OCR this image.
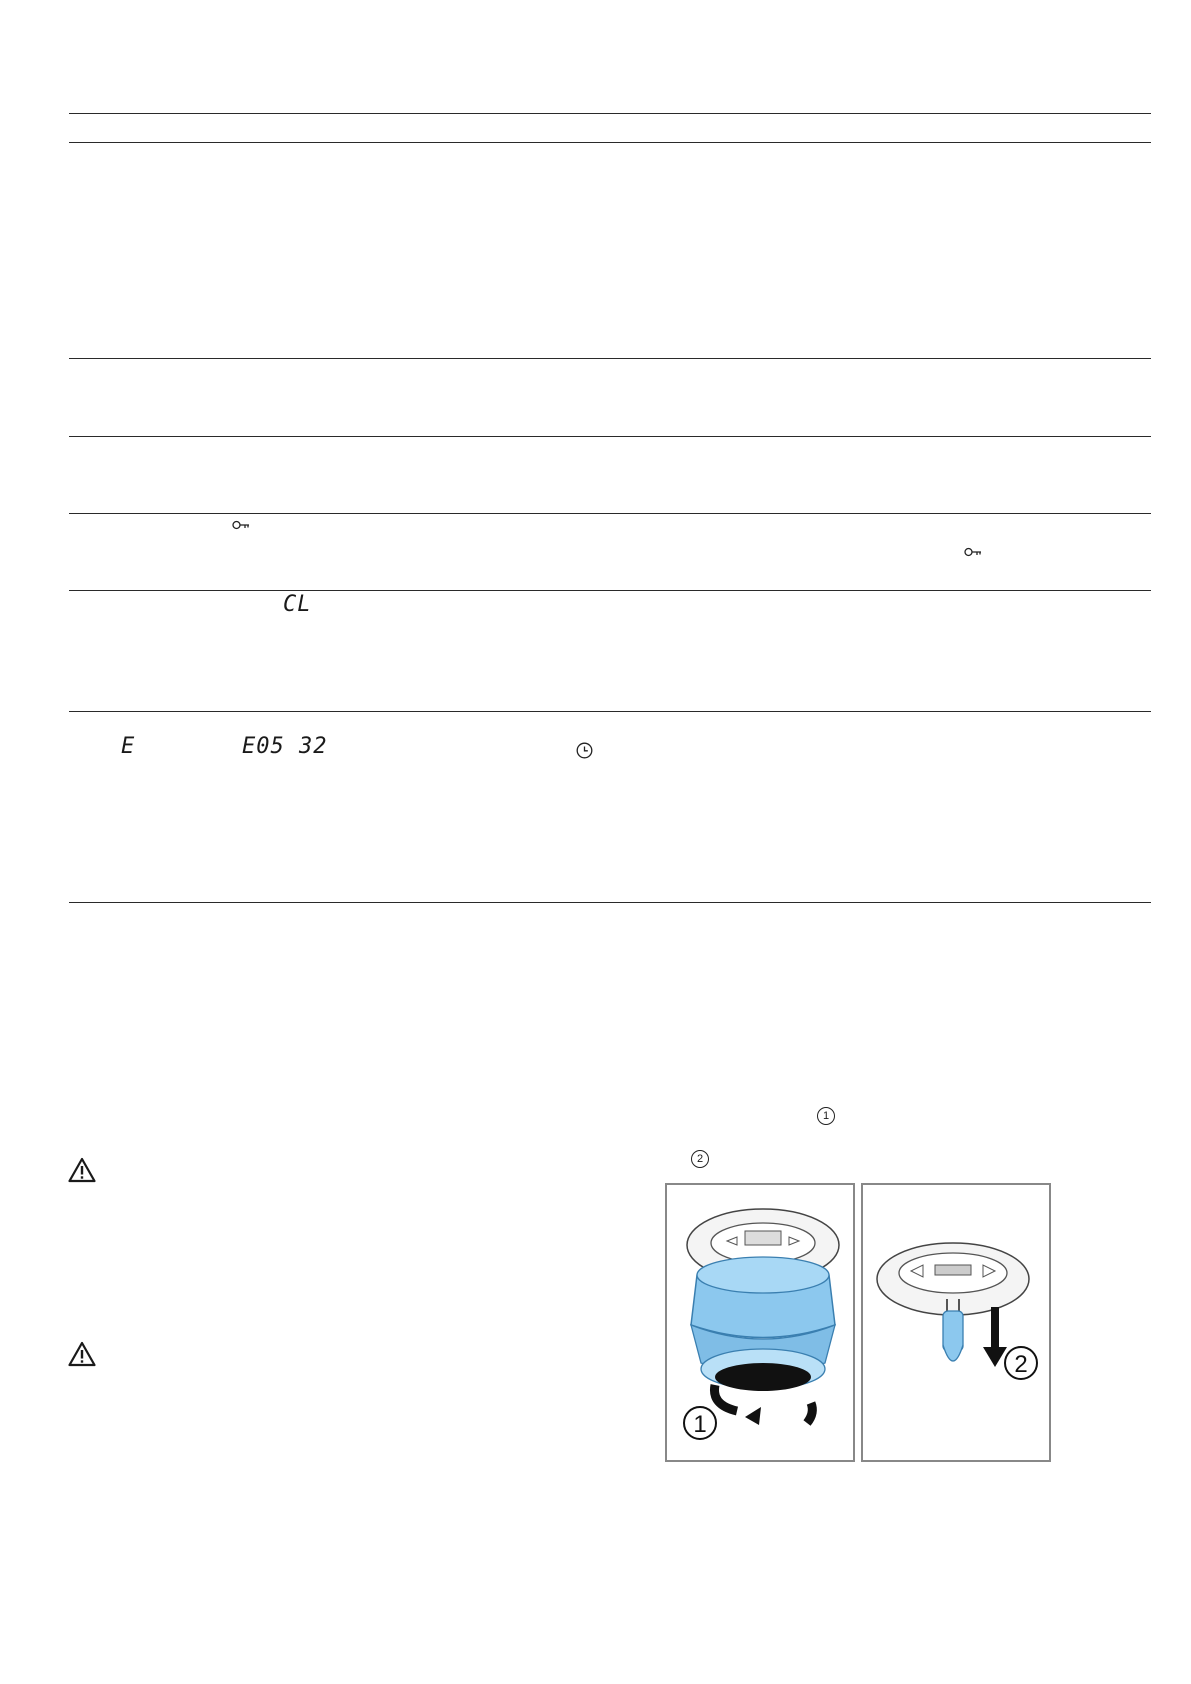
CL
E	E05 32
1
2
1
2
